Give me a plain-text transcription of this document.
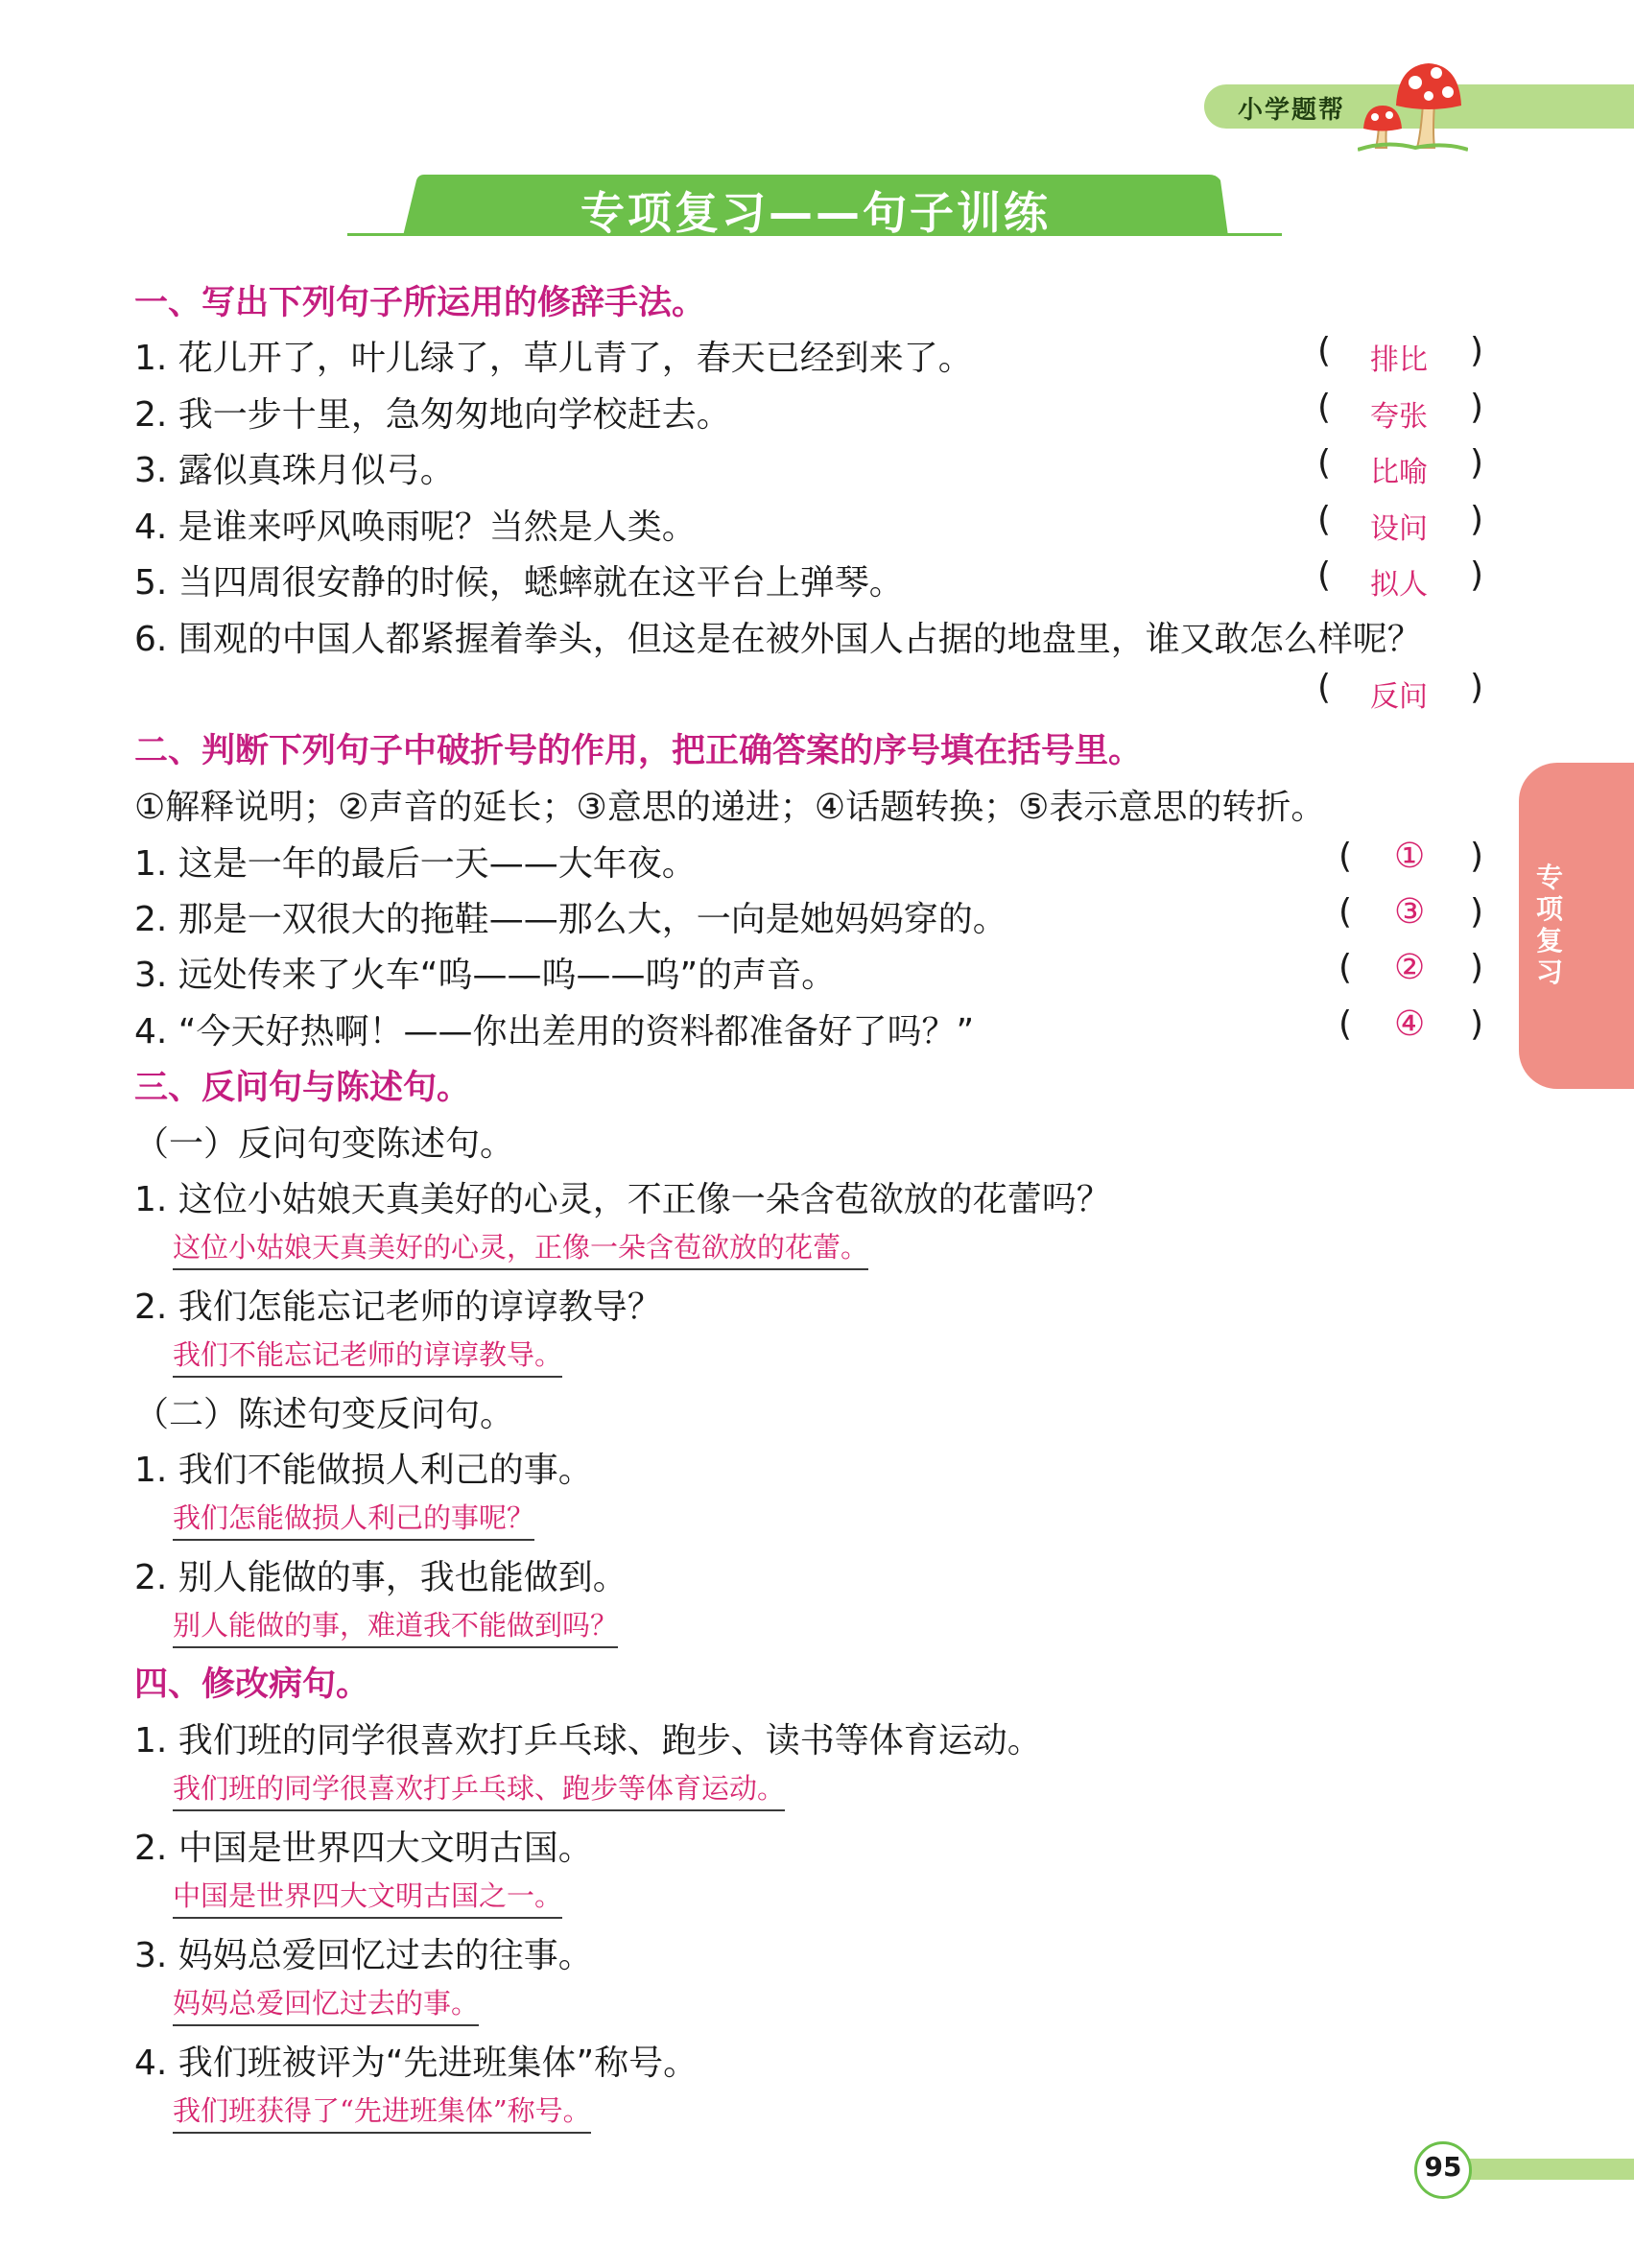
小学题帮
专项复习——句子训练
专项复习
一、写出下列句子所运用的修辞手法。
1. 花儿开了，叶儿绿了，草儿青了，春天已经到来了。	( 排比 )
2. 我一步十里，急匆匆地向学校赶去。	( 夸张 )
3. 露似真珠月似弓。	( 比喻 )
4. 是谁来呼风唤雨呢？当然是人类。	( 设问 )
5. 当四周很安静的时候，蟋蟀就在这平台上弹琴。	( 拟人 )
6. 围观的中国人都紧握着拳头，但这是在被外国人占据的地盘里，谁又敢怎么样呢？
( 反问 )
二、判断下列句子中破折号的作用，把正确答案的序号填在括号里。
①解释说明；②声音的延长；③意思的递进；④话题转换；⑤表示意思的转折。
1. 这是一年的最后一天——大年夜。	( ① )
2. 那是一双很大的拖鞋——那么大，一向是她妈妈穿的。	( ③ )
3. 远处传来了火车“呜——呜——呜”的声音。	( ② )
4. “今天好热啊！——你出差用的资料都准备好了吗？”	( ④ )
三、反问句与陈述句。
（一）反问句变陈述句。
1. 这位小姑娘天真美好的心灵，不正像一朵含苞欲放的花蕾吗？
这位小姑娘天真美好的心灵，正像一朵含苞欲放的花蕾。
2. 我们怎能忘记老师的谆谆教导？
我们不能忘记老师的谆谆教导。
（二）陈述句变反问句。
1. 我们不能做损人利己的事。
我们怎能做损人利己的事呢？
2. 别人能做的事，我也能做到。
别人能做的事，难道我不能做到吗？
四、修改病句。
1. 我们班的同学很喜欢打乒乓球、跑步、读书等体育运动。
我们班的同学很喜欢打乒乓球、跑步等体育运动。
2. 中国是世界四大文明古国。
中国是世界四大文明古国之一。
3. 妈妈总爱回忆过去的往事。
妈妈总爱回忆过去的事。
4. 我们班被评为“先进班集体”称号。
我们班获得了“先进班集体”称号。
95
